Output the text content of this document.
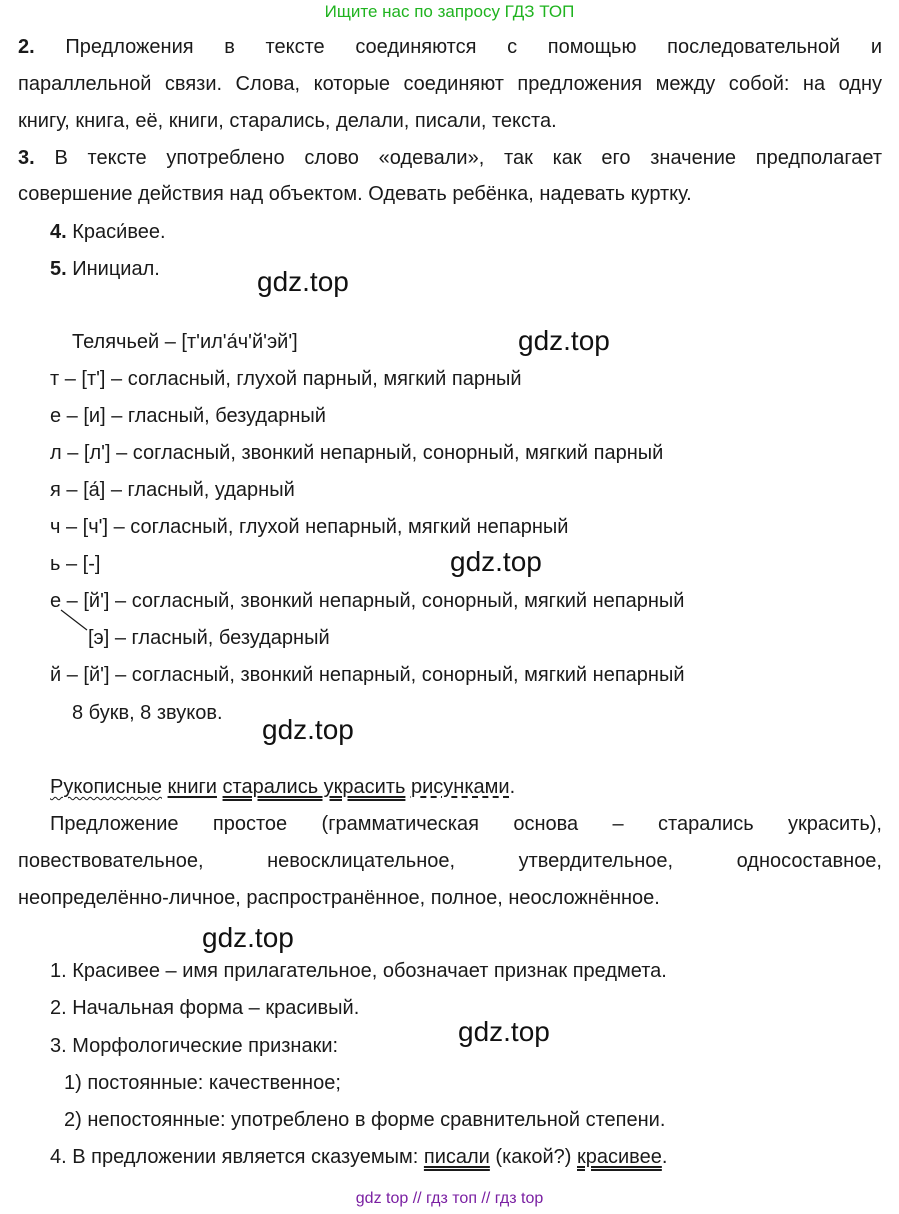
Ищите нас по запросу ГДЗ ТОП
gdz top // гдз топ // гдз top
2. Предложения в тексте соединяются с помощью последовательной и
параллельной связи. Слова, которые соединяют предложения между собой: на одну
книгу, книга, её, книги, старались, делали, писали, текста.
3. В тексте употреблено слово «одевали», так как его значение предполагает
совершение действия над объектом. Одевать ребёнка, надевать куртку.
4. Краси́вее.
5. Инициал.	gdz.top
gdz.top
gdz.top
gdz.top
gdz.top
gdz.top
Телячьей – [т'ил'а́ч'й'эй']
т – [т'] – согласный, глухой парный, мягкий парный
е – [и] – гласный, безударный
л – [л'] – согласный, звонкий непарный, сонорный, мягкий парный
я – [а́] – гласный, ударный
ч – [ч'] – согласный, глухой непарный, мягкий непарный
ь – [-]
е – [й'] – согласный, звонкий непарный, сонорный, мягкий непарный
[э] – гласный, безударный
й – [й'] – согласный, звонкий непарный, сонорный, мягкий непарный
8 букв, 8 звуков.
Рукописные книги старались украсить рисунками.
Предложение простое (грамматическая основа – старались украсить),
повествовательное, невосклицательное, утвердительное, односоставное,
неопределённо-личное, распространённое, полное, неосложнённое.
1. Красивее – имя прилагательное, обозначает признак предмета.
2. Начальная форма – красивый.
3. Морфологические признаки:
1) постоянные: качественное;
2) непостоянные: употреблено в форме сравнительной степени.
4. В предложении является сказуемым: писали (какой?) красивее.
